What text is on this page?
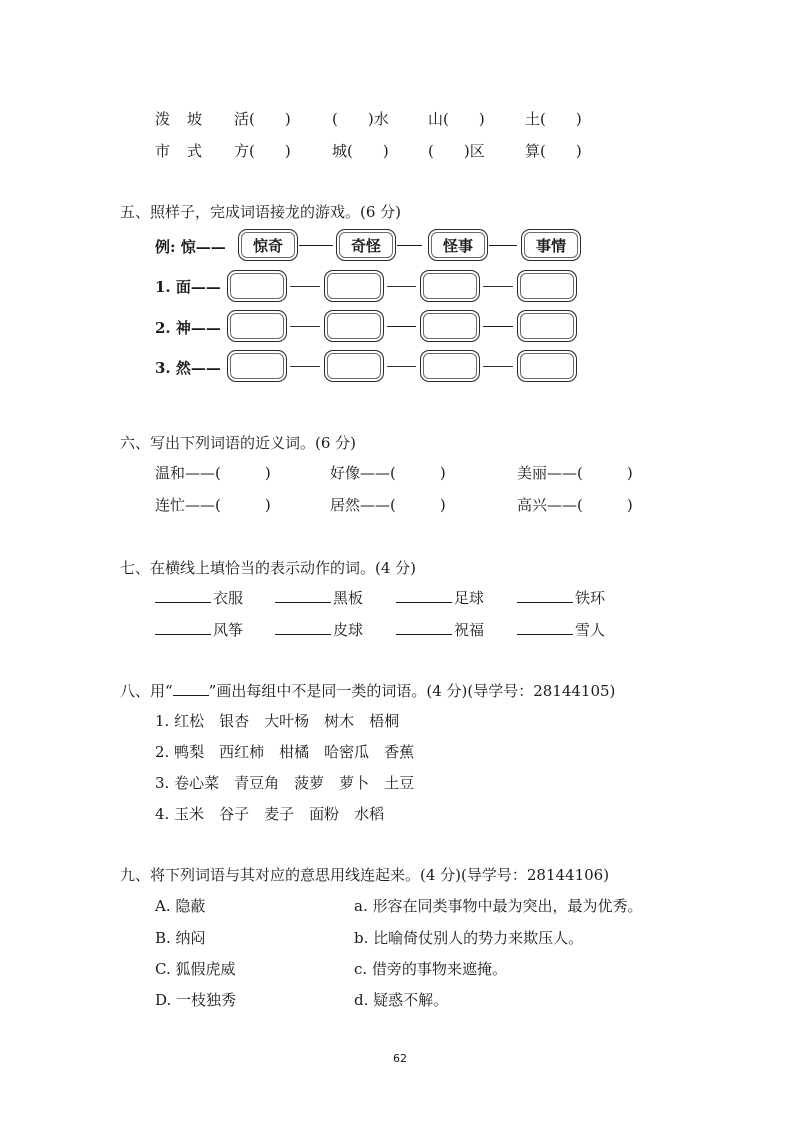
泼 坡 活(　　)	(　　)水	山(　　)	土(　　)
市 式 方(　　)	城(　　)	(　　)区	算(　　)
五、照样子，完成词语接龙的游戏。(6 分)
例: 惊——	惊奇	奇怪	怪事	事情
1. 面——
2. 神——
3. 然——
六、写出下列词语的近义词。(6 分)
温和——(	)	好像——(	)	美丽——(	)
连忙——(	)	居然——(	)	高兴——(	)
七、在横线上填恰当的表示动作的词。(4 分)
衣服	黑板	足球	铁环
风筝	皮球	祝福	雪人
八、用“ ”画出每组中不是同一类的词语。(4 分)(导学号：28144105)
1. 红松　银杏　大叶杨　树木　梧桐
2. 鸭梨　西红柿　柑橘　哈密瓜　香蕉
3. 卷心菜　青豆角　菠萝　萝卜　土豆
4. 玉米　谷子　麦子　面粉　水稻
九、将下列词语与其对应的意思用线连起来。(4 分)(导学号：28144106)
A. 隐蔽
B. 纳闷
C. 狐假虎威
D. 一枝独秀
a. 形容在同类事物中最为突出，最为优秀。
b. 比喻倚仗别人的势力来欺压人。
c. 借旁的事物来遮掩。
d. 疑惑不解。
62
